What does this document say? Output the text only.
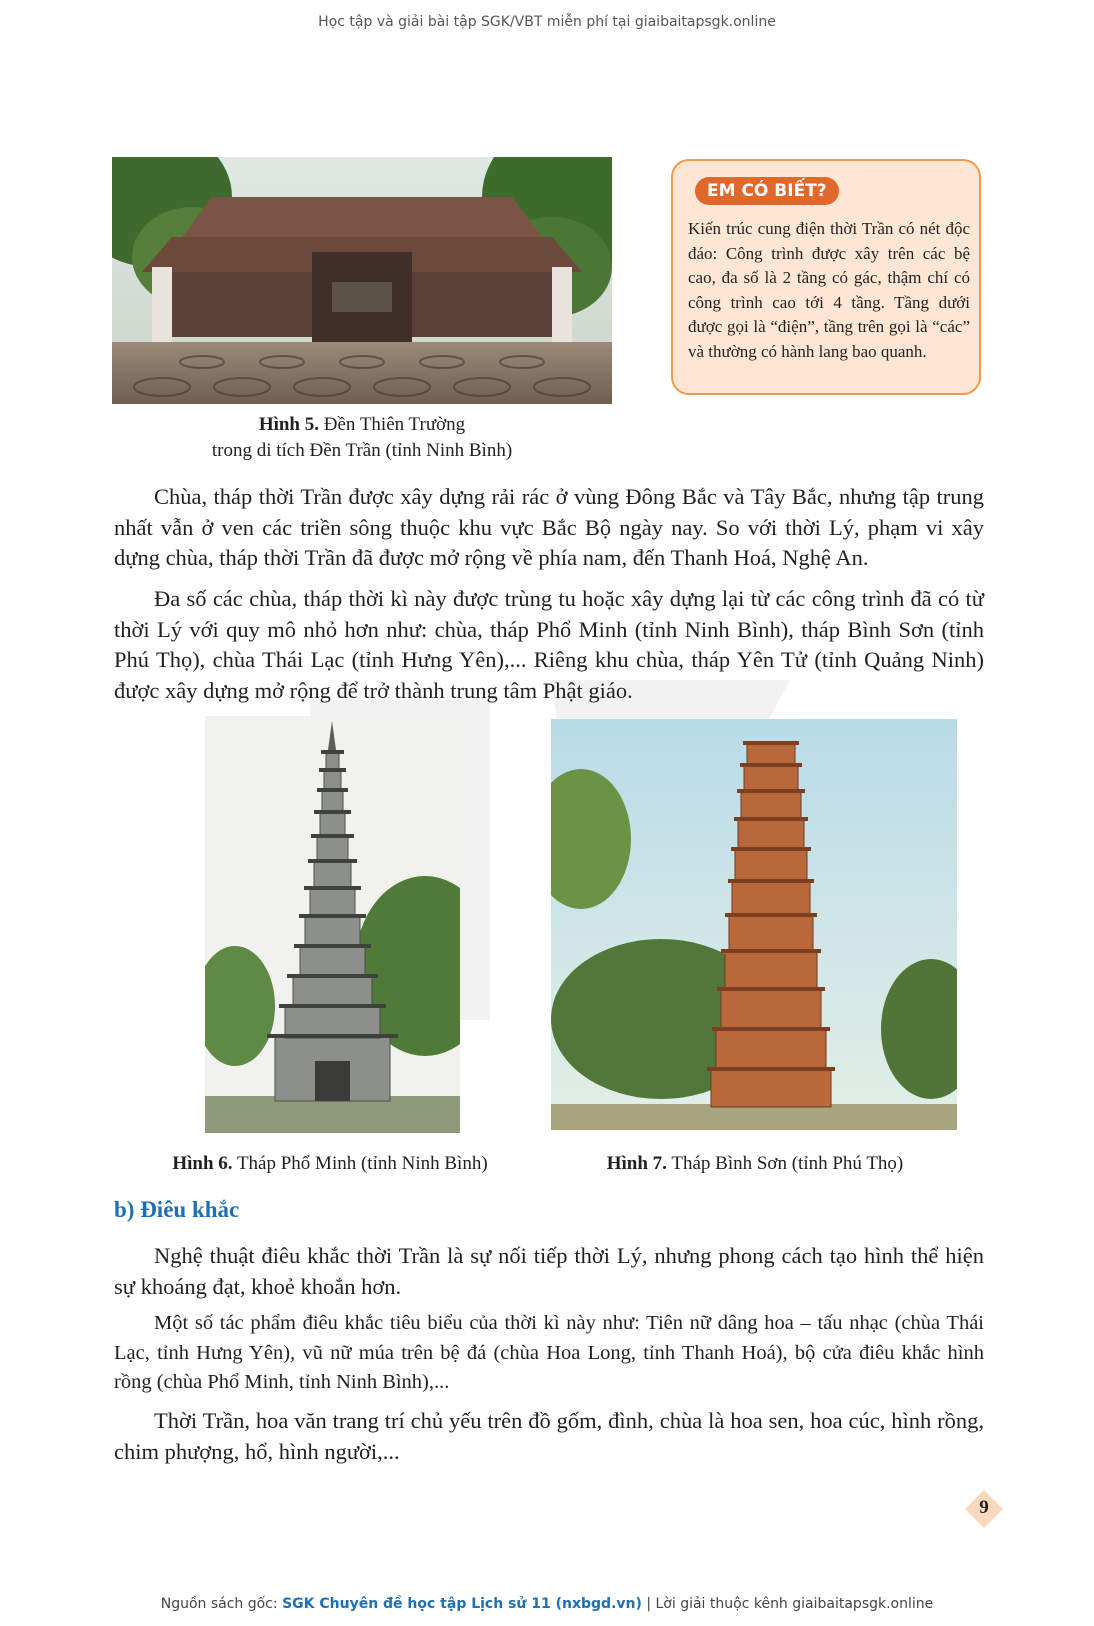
Học tập và giải bài tập SGK/VBT miễn phí tại giaibaitapsgk.online
Hình 5. Đền Thiên Trường
trong di tích Đền Trần (tỉnh Ninh Bình)
EM CÓ BIẾT?
Kiến trúc cung điện thời Trần có nét độc đáo: Công trình được xây trên các bệ cao, đa số là 2 tầng có gác, thậm chí có công trình cao tới 4 tầng. Tầng dưới được gọi là “điện”, tầng trên gọi là “các” và thường có hành lang bao quanh.
Chùa, tháp thời Trần được xây dựng rải rác ở vùng Đông Bắc và Tây Bắc, nhưng tập trung nhất vẫn ở ven các triền sông thuộc khu vực Bắc Bộ ngày nay. So với thời Lý, phạm vi xây dựng chùa, tháp thời Trần đã được mở rộng về phía nam, đến Thanh Hoá, Nghệ An.
Đa số các chùa, tháp thời kì này được trùng tu hoặc xây dựng lại từ các công trình đã có từ thời Lý với quy mô nhỏ hơn như: chùa, tháp Phổ Minh (tỉnh Ninh Bình), tháp Bình Sơn (tỉnh Phú Thọ), chùa Thái Lạc (tỉnh Hưng Yên),... Riêng khu chùa, tháp Yên Tử (tỉnh Quảng Ninh) được xây dựng mở rộng để trở thành trung tâm Phật giáo.
Hình 6. Tháp Phổ Minh (tỉnh Ninh Bình)	Hình 7. Tháp Bình Sơn (tỉnh Phú Thọ)
b) Điêu khắc
Nghệ thuật điêu khắc thời Trần là sự nối tiếp thời Lý, nhưng phong cách tạo hình thể hiện sự khoáng đạt, khoẻ khoắn hơn.
Một số tác phẩm điêu khắc tiêu biểu của thời kì này như: Tiên nữ dâng hoa – tấu nhạc (chùa Thái Lạc, tỉnh Hưng Yên), vũ nữ múa trên bệ đá (chùa Hoa Long, tỉnh Thanh Hoá), bộ cửa điêu khắc hình rồng (chùa Phổ Minh, tỉnh Ninh Bình),...
Thời Trần, hoa văn trang trí chủ yếu trên đồ gốm, đình, chùa là hoa sen, hoa cúc, hình rồng, chim phượng, hổ, hình người,...
9
Nguồn sách gốc: SGK Chuyên đề học tập Lịch sử 11 (nxbgd.vn) | Lời giải thuộc kênh giaibaitapsgk.online
